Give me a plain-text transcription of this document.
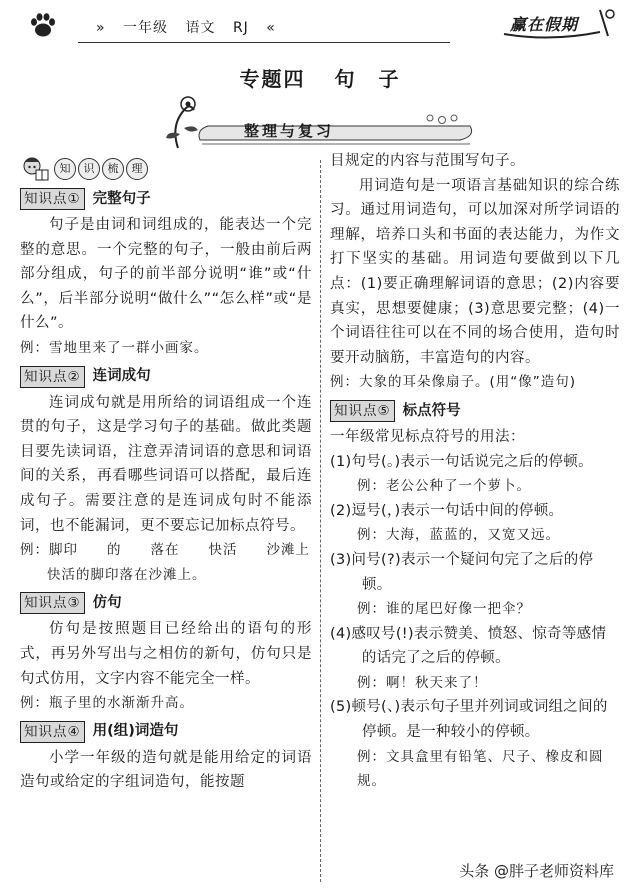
» 一年级 语文 RJ «	赢在假期
专题四 句　子
整理与复习
知	识	梳	理
知识点① 完整句子

句子是由词和词组成的，能表达一个完整的意思。一个完整的句子，一般由前后两部分组成，句子的前半部分说明“谁”或“什么”，后半部分说明“做什么”“怎么样”或“是什么”。

例：雪地里来了一群小画家。

知识点② 连词成句

连词成句就是用所给的词语组成一个连贯的句子，这是学习句子的基础。做此类题目要先读词语，注意弄清词语的意思和词语间的关系，再看哪些词语可以搭配，最后连成句子。需要注意的是连词成句时不能添词，也不能漏词，更不要忘记加标点符号。

例：脚印　　的　　落在　　快活　　沙滩上

快活的脚印落在沙滩上。

知识点③ 仿句

仿句是按照题目已经给出的语句的形式，再另外写出与之相仿的新句，仿句只是句式仿用，文字内容不能完全一样。

例：瓶子里的水渐渐升高。

知识点④ 用(组)词造句

小学一年级的造句就是能用给定的词语造句或给定的字组词造句，能按题

目规定的内容与范围写句子。

用词造句是一项语言基础知识的综合练习。通过用词造句，可以加深对所学词语的理解，培养口头和书面的表达能力，为作文打下坚实的基础。用词造句要做到以下几点：(1)要正确理解词语的意思；(2)内容要真实，思想要健康；(3)意思要完整；(4)一个词语往往可以在不同的场合使用，造句时要开动脑筋，丰富造句的内容。

例：大象的耳朵像扇子。(用“像”造句)

知识点⑤ 标点符号

一年级常见标点符号的用法：

(1)句号(。)表示一句话说完之后的停顿。

例：老公公种了一个萝卜。

(2)逗号(，)表示一句话中间的停顿。

例：大海，蓝蓝的，又宽又远。

(3)问号(?)表示一个疑问句完了之后的停顿。

例：谁的尾巴好像一把伞？

(4)感叹号(!)表示赞美、愤怒、惊奇等感情的话完了之后的停顿。

例：啊！秋天来了！

(5)顿号(、)表示句子里并列词或词组之间的停顿。是一种较小的停顿。

例：文具盒里有铅笔、尺子、橡皮和圆规。

头条 @胖子老师资料库
